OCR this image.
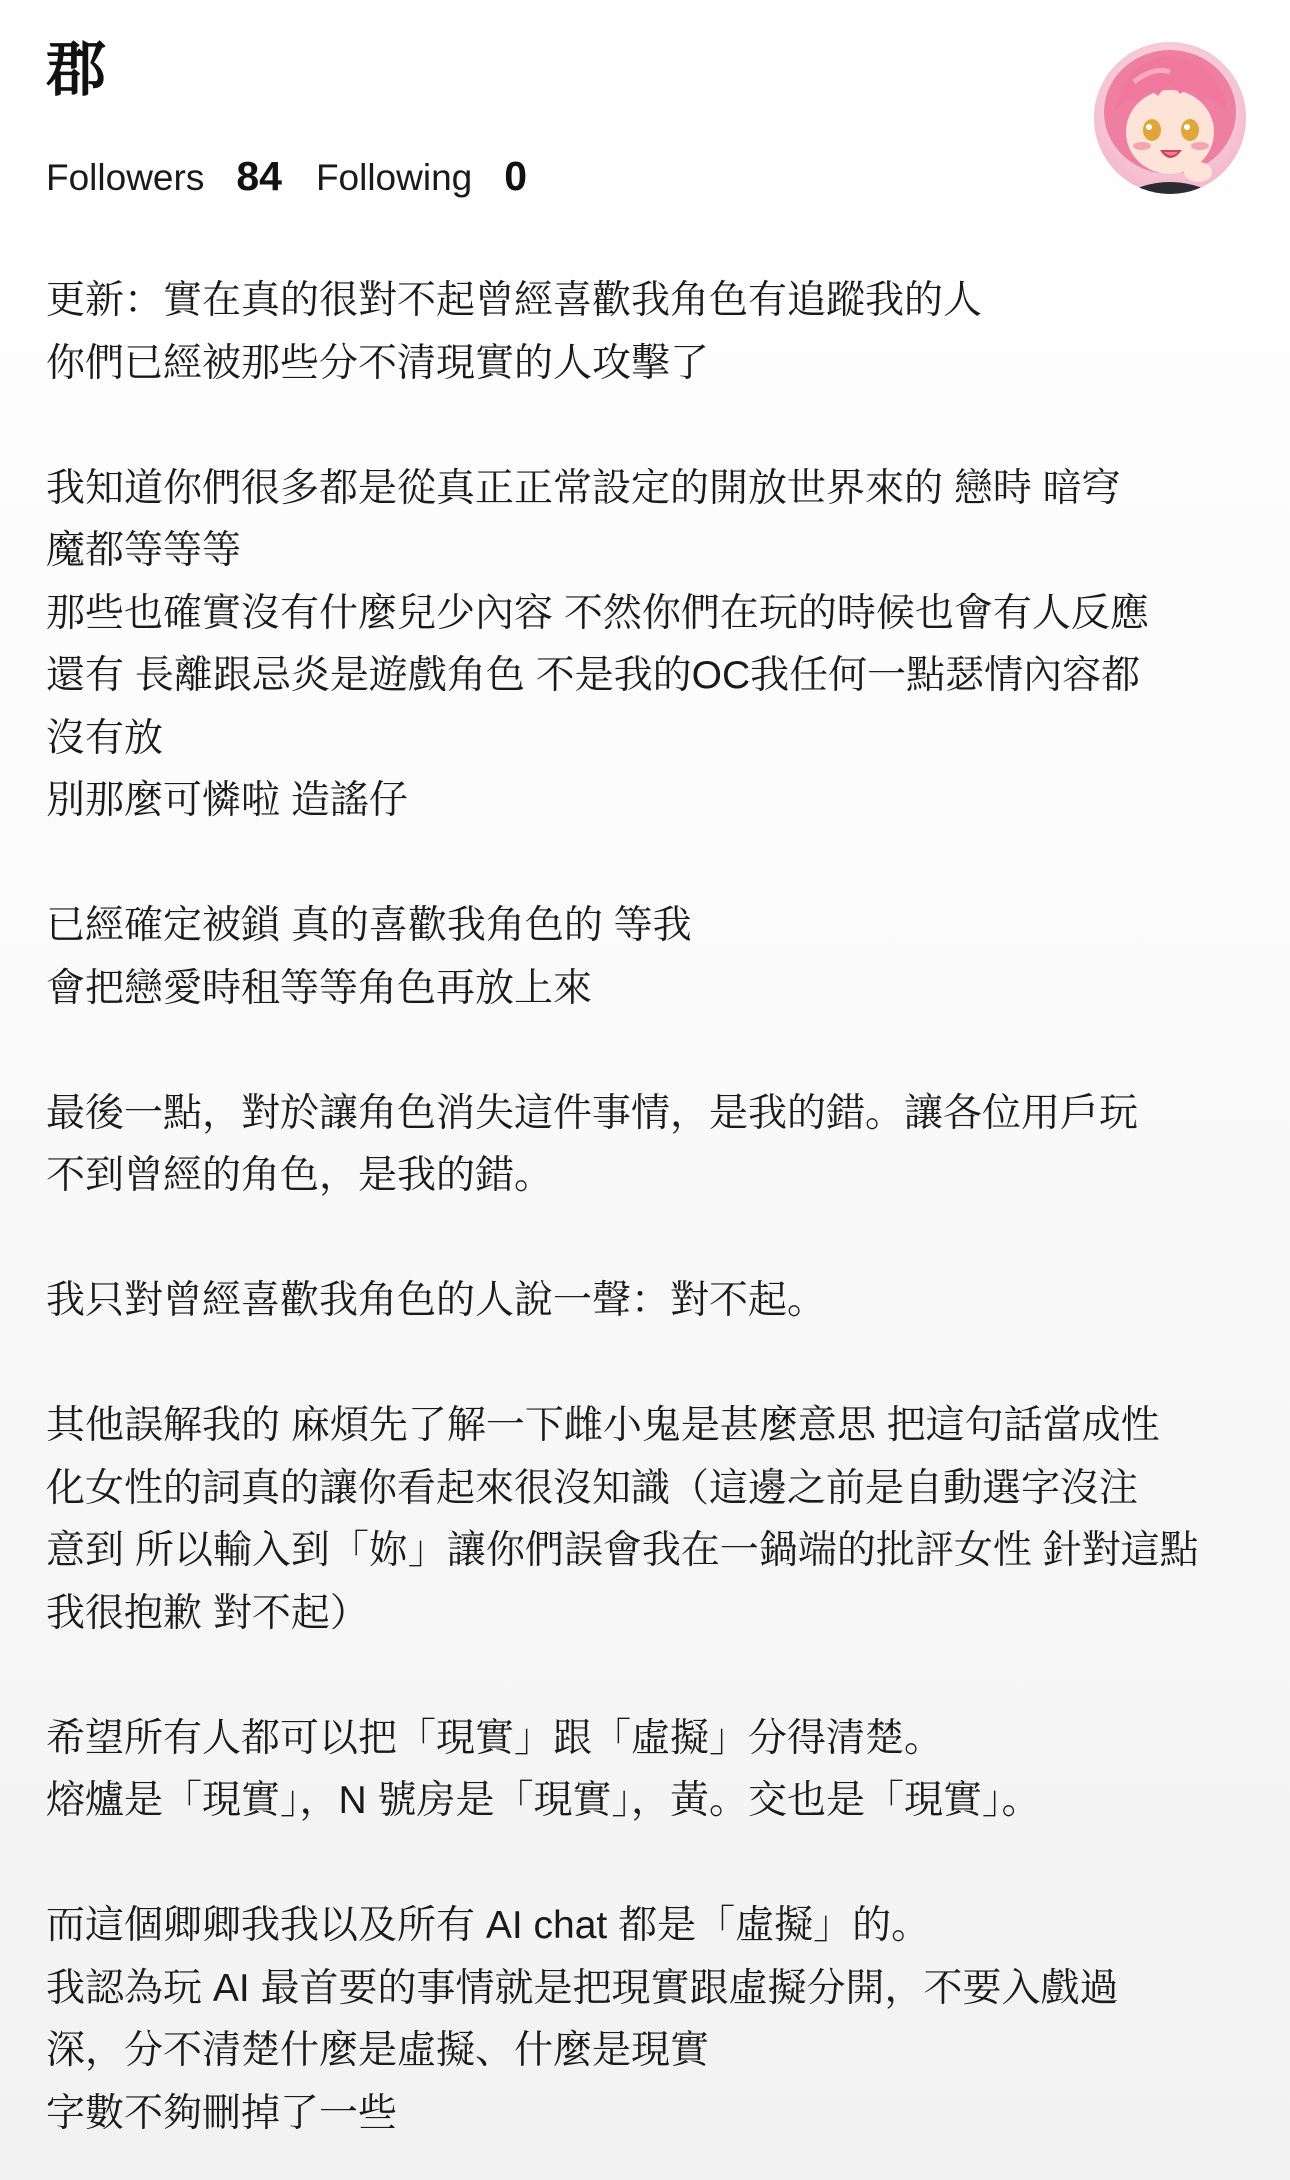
郡
Followers 84 Following 0
更新：實在真的很對不起曾經喜歡我角色有追蹤我的人
你們已經被那些分不清現實的人攻擊了
我知道你們很多都是從真正正常設定的開放世界來的 戀時 暗穹
魔都等等等
那些也確實沒有什麼兒少內容 不然你們在玩的時候也會有人反應
還有 長離跟忌炎是遊戲角色 不是我的OC我任何一點瑟情內容都
沒有放
別那麼可憐啦 造謠仔
已經確定被鎖 真的喜歡我角色的 等我
會把戀愛時租等等角色再放上來
最後一點，對於讓角色消失這件事情，是我的錯。讓各位用戶玩
不到曾經的角色，是我的錯。
我只對曾經喜歡我角色的人說一聲：對不起。
其他誤解我的 麻煩先了解一下雌小鬼是甚麼意思 把這句話當成性
化女性的詞真的讓你看起來很沒知識（這邊之前是自動選字沒注
意到 所以輸入到「妳」讓你們誤會我在一鍋端的批評女性 針對這點
我很抱歉 對不起）
希望所有人都可以把「現實」跟「虛擬」分得清楚。
熔爐是「現實」，N 號房是「現實」，黃。交也是「現實」。
而這個卿卿我我以及所有 AI chat 都是「虛擬」的。
我認為玩 AI 最首要的事情就是把現實跟虛擬分開，不要入戲過
深，分不清楚什麼是虛擬、什麼是現實
字數不夠刪掉了一些
